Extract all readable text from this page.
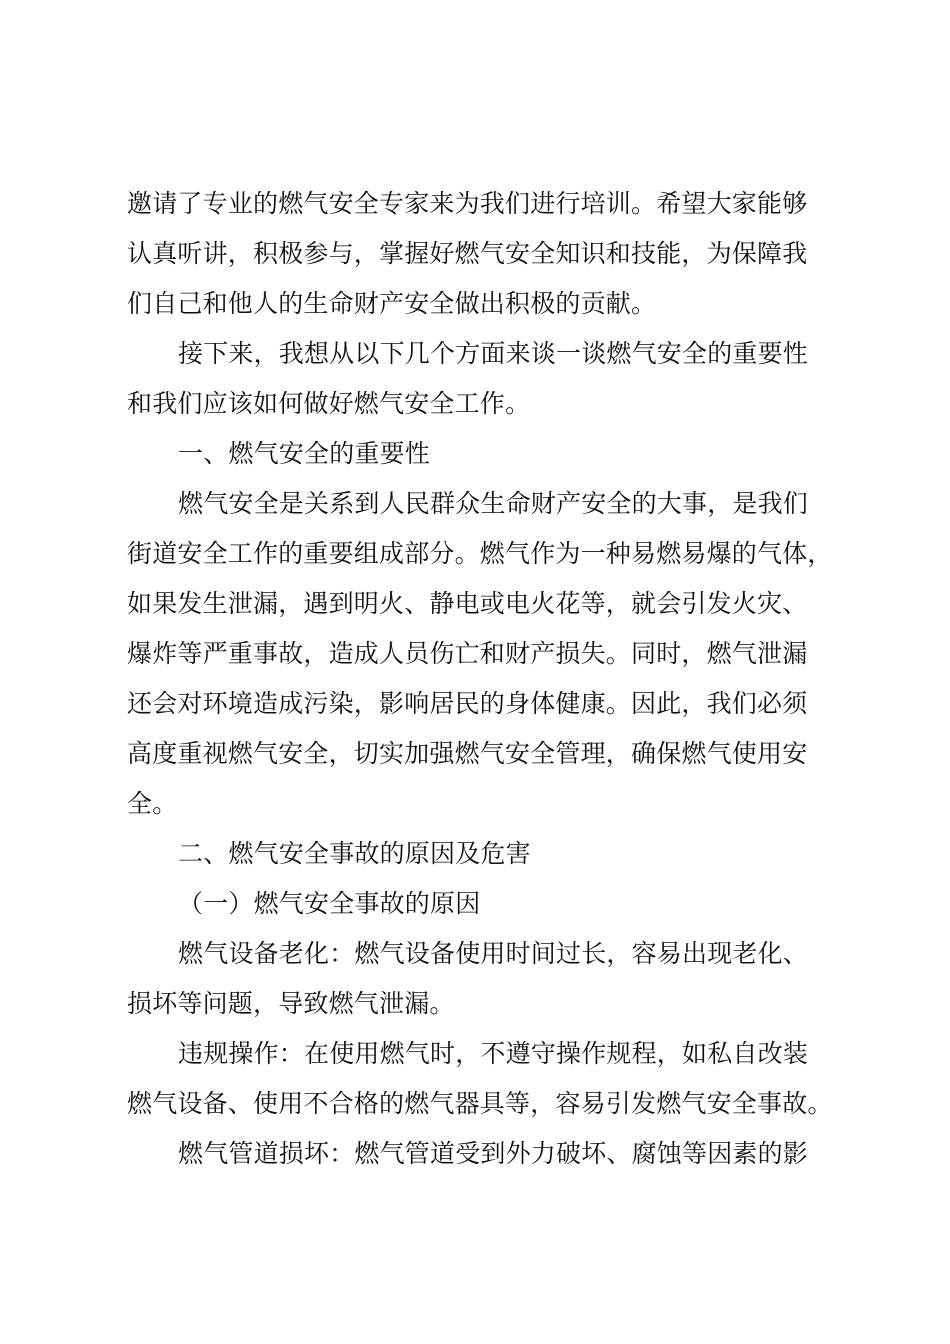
邀请了专业的燃气安全专家来为我们进行培训。希望大家能够
认真听讲，积极参与，掌握好燃气安全知识和技能，为保障我
们自己和他人的生命财产安全做出积极的贡献。
接下来，我想从以下几个方面来谈一谈燃气安全的重要性
和我们应该如何做好燃气安全工作。
一、燃气安全的重要性
燃气安全是关系到人民群众生命财产安全的大事，是我们
街道安全工作的重要组成部分。燃气作为一种易燃易爆的气体，
如果发生泄漏，遇到明火、静电或电火花等，就会引发火灾、
爆炸等严重事故，造成人员伤亡和财产损失。同时，燃气泄漏
还会对环境造成污染，影响居民的身体健康。因此，我们必须
高度重视燃气安全，切实加强燃气安全管理，确保燃气使用安
全。
二、燃气安全事故的原因及危害
（一）燃气安全事故的原因
燃气设备老化：燃气设备使用时间过长，容易出现老化、
损坏等问题，导致燃气泄漏。
违规操作：在使用燃气时，不遵守操作规程，如私自改装
燃气设备、使用不合格的燃气器具等，容易引发燃气安全事故。
燃气管道损坏：燃气管道受到外力破坏、腐蚀等因素的影
